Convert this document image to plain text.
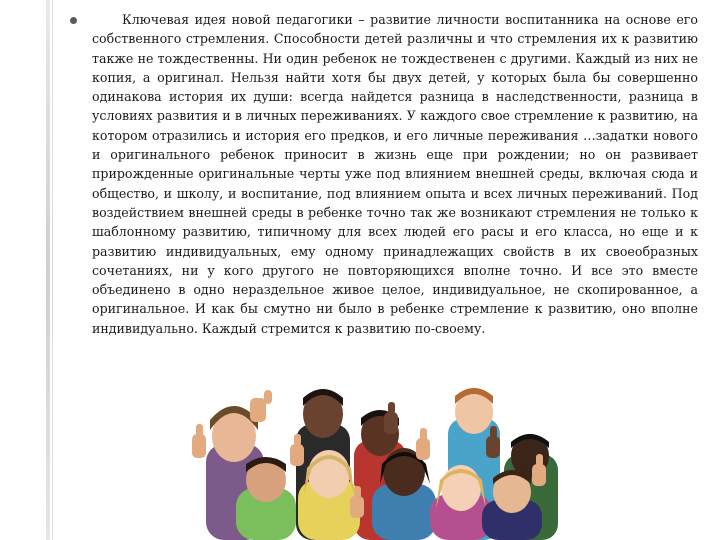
Ключевая идея новой педагогики – развитие личности воспитанника на основе его собственного стремления. Способности детей различны и что стремления их к развитию также не тождественны. Ни один ребенок не тождественен с другими. Каждый из них не копия, а оригинал. Нельзя найти хотя бы двух детей, у которых была бы совершенно одинакова история их души: всегда найдется разница в наследственности, разница в условиях развития и в личных переживаниях. У каждого свое стремление к развитию, на котором отразились и история его предков, и его личные переживания …задатки нового и оригинального ребенок приносит в жизнь еще при рождении; но он развивает прирожденные оригинальные черты уже под влиянием внешней среды, включая сюда и общество, и школу, и воспитание, под влиянием опыта и всех личных переживаний. Под воздействием внешней среды в ребенке точно так же возникают стремления не только к шаблонному развитию, типичному для всех людей его расы и его класса, но еще и к развитию индивидуальных, ему одному принадлежащих свойств в их своеобразных сочетаниях, ни у кого другого не повторяющихся вполне точно. И все это вместе объединено в одно нераздельное живое целое, индивидуальное, не скопированное, а оригинальное. И как бы смутно ни было в ребенке стремление к развитию, оно вполне индивидуально. Каждый стремится к развитию по-своему.
